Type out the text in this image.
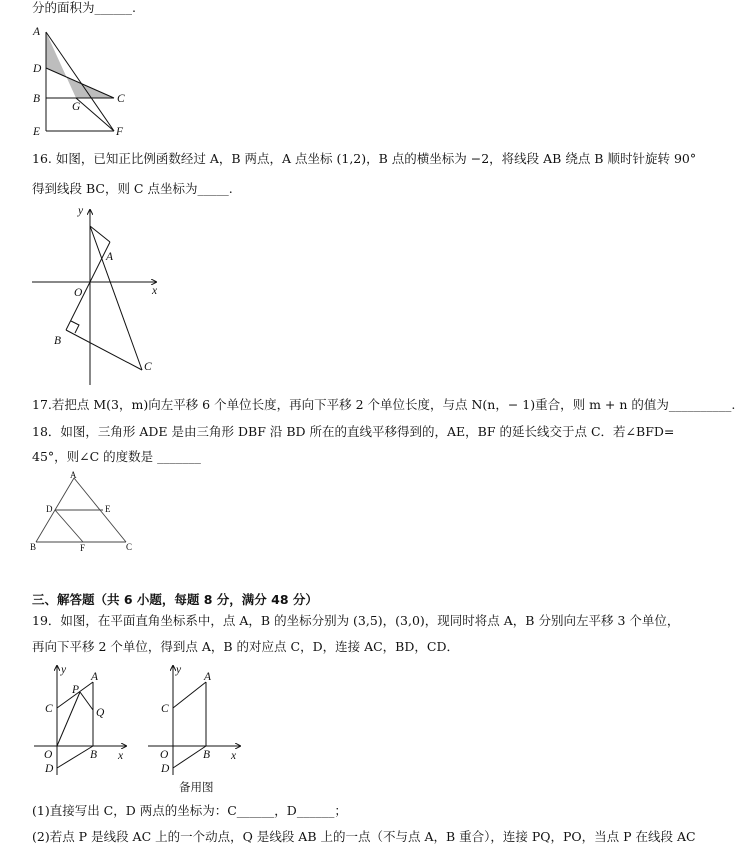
分的面积为______.
16. 如图，已知正比例函数经过 A，B 两点，A 点坐标 (1,2)，B 点的横坐标为 −2，将线段 AB 绕点 B 顺时针旋转 90°
得到线段 BC，则 C 点坐标为_____.
17.若把点 M(3，m)向左平移 6 个单位长度，再向下平移 2 个单位长度，与点 N(n，− 1)重合，则 m + n 的值为__________.
18．如图，三角形 ADE 是由三角形 DBF 沿 BD 所在的直线平移得到的，AE，BF 的延长线交于点 C．若∠BFD=
45°，则∠C 的度数是 _______
三、解答题（共 6 小题，每题 8 分，满分 48 分）
19．如图，在平面直角坐标系中，点 A，B 的坐标分别为 (3,5)，(3,0)，现同时将点 A，B 分别向左平移 3 个单位，
再向下平移 2 个单位，得到点 A，B 的对应点 C，D，连接 AC，BD，CD．
(1)直接写出 C，D 两点的坐标为：C______，D______；
(2)若点 P 是线段 AC 上的一个动点，Q 是线段 AB 上的一点（不与点 A，B 重合），连接 PQ，PO，当点 P 在线段 AC
A
D
B
G
C
E	F
y
x
O
A
B
C
A
D	E
B	F	C
y
x
O
A
P
C	Q
B
D
y
x
O
A
C
B
D
备用图
